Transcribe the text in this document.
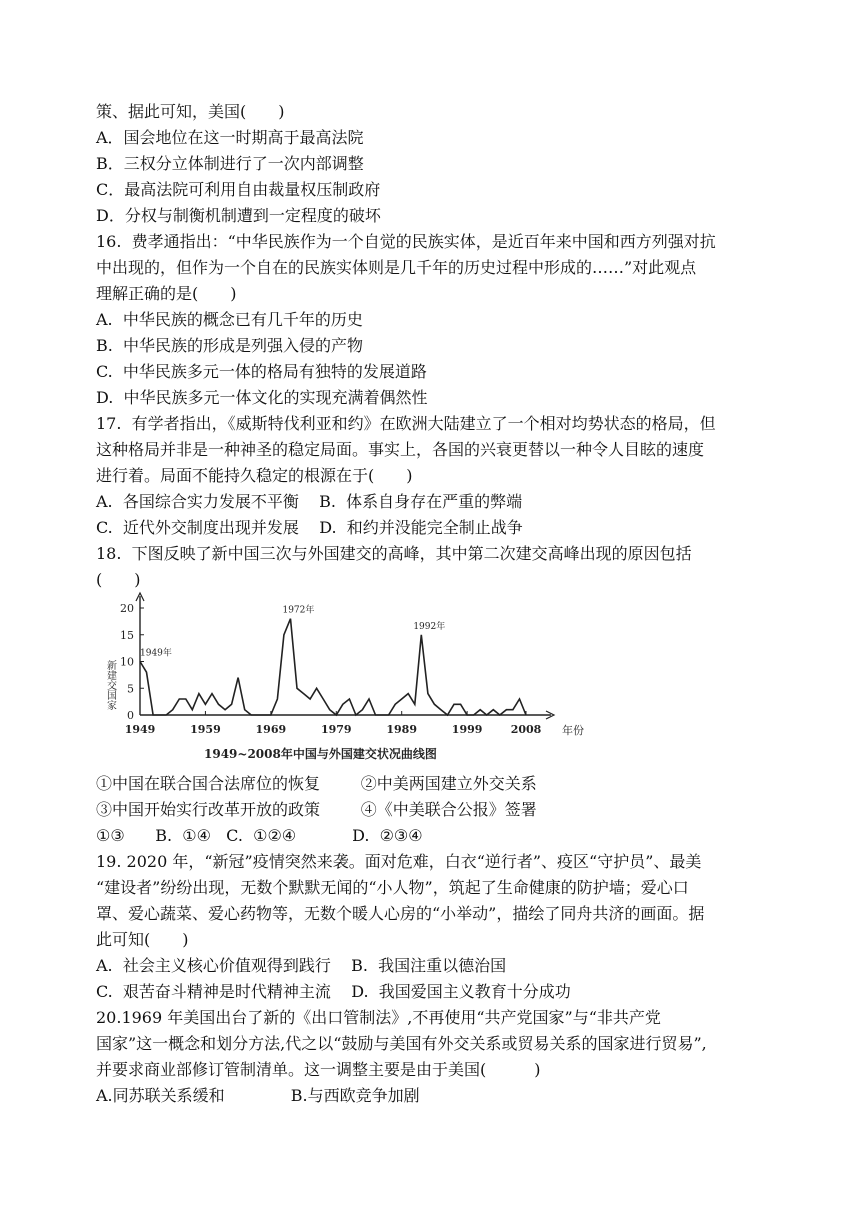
策、据此可知，美国(　　)
A．国会地位在这一时期高于最高法院
B．三权分立体制进行了一次内部调整
C．最高法院可利用自由裁量权压制政府
D．分权与制衡机制遭到一定程度的破坏
16.  费孝通指出：“中华民族作为一个自觉的民族实体，是近百年来中国和西方列强对抗
中出现的，但作为一个自在的民族实体则是几千年的历史过程中形成的……”对此观点
理解正确的是(　　)
A.  中华民族的概念已有几千年的历史
B.  中华民族的形成是列强入侵的产物
C.  中华民族多元一体的格局有独特的发展道路
D.  中华民族多元一体文化的实现充满着偶然性
17.  有学者指出，《威斯特伐利亚和约》在欧洲大陆建立了一个相对均势状态的格局，但
这种格局并非是一种神圣的稳定局面。事实上，各国的兴衰更替以一种令人目眩的速度
进行着。局面不能持久稳定的根源在于(　　)
A.  各国综合实力发展不平衡    B.  体系自身存在严重的弊端
C.  近代外交制度出现并发展    D.  和约并没能完全制止战争
18.  下图反映了新中国三次与外国建交的高峰，其中第二次建交高峰出现的原因包括
(　　)
0
5
10
15
20
1949	1959	1969	1979	1989	1999	2008
1949年
1972年
1992年
新建交国家
年份
1949~2008年中国与外国建交状况曲线图
①中国在联合国合法席位的恢复        ②中美两国建立外交关系
③中国开始实行改革开放的政策        ④《中美联合公报》签署
①③      B.  ①④   C.  ①②④           D.  ②③④
19. 2020 年，“新冠”疫情突然来袭。面对危难，白衣“逆行者”、疫区“守护员”、最美
“建设者”纷纷出现，无数个默默无闻的“小人物”，筑起了生命健康的防护墙；爱心口
罩、爱心蔬菜、爱心药物等，无数个暖人心房的“小举动”，描绘了同舟共济的画面。据
此可知(　　)
A.  社会主义核心价值观得到践行    B.  我国注重以德治国
C.  艰苦奋斗精神是时代精神主流    D.  我国爱国主义教育十分成功
20.1969 年美国出台了新的《出口管制法》,不再使用“共产党国家”与“非共产党
国家”这一概念和划分方法,代之以“鼓励与美国有外交关系或贸易关系的国家进行贸易”,
并要求商业部修订管制清单。这一调整主要是由于美国(　　　)
A.同苏联关系缓和             B.与西欧竞争加剧
